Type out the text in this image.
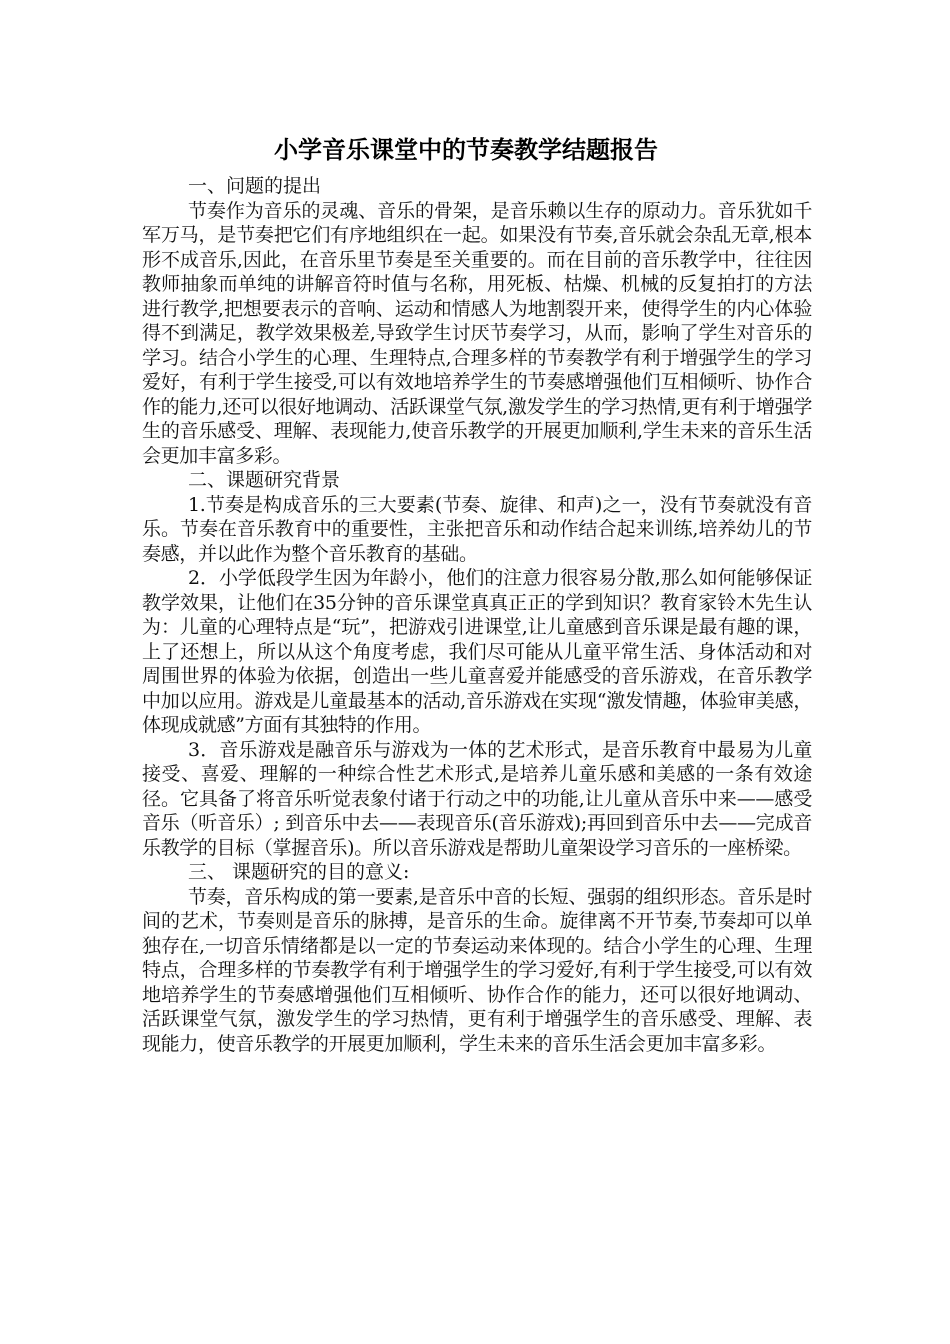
小学音乐课堂中的节奏教学结题报告

一、问题的提出

节奏作为音乐的灵魂、音乐的骨架，是音乐赖以生存的原动力。音乐犹如千军万马，是节奏把它们有序地组织在一起。如果没有节奏,音乐就会杂乱无章,根本形不成音乐,因此，在音乐里节奏是至关重要的。而在目前的音乐教学中，往往因教师抽象而单纯的讲解音符时值与名称，用死板、枯燥、机械的反复拍打的方法进行教学,把想要表示的音响、运动和情感人为地割裂开来，使得学生的内心体验得不到满足，教学效果极差,导致学生讨厌节奏学习，从而，影响了学生对音乐的学习。结合小学生的心理、生理特点,合理多样的节奏教学有利于增强学生的学习爱好，有利于学生接受,可以有效地培养学生的节奏感增强他们互相倾听、协作合作的能力,还可以很好地调动、活跃课堂气氛,激发学生的学习热情,更有利于增强学生的音乐感受、理解、表现能力,使音乐教学的开展更加顺利,学生未来的音乐生活会更加丰富多彩。

二、课题研究背景

1.节奏是构成音乐的三大要素(节奏、旋律、和声)之一，没有节奏就没有音乐。节奏在音乐教育中的重要性，主张把音乐和动作结合起来训练,培养幼儿的节奏感，并以此作为整个音乐教育的基础。

2．小学低段学生因为年龄小，他们的注意力很容易分散,那么如何能够保证教学效果，让他们在35分钟的音乐课堂真真正正的学到知识？教育家铃木先生认为：儿童的心理特点是“玩”，把游戏引进课堂,让儿童感到音乐课是最有趣的课，上了还想上，所以从这个角度考虑，我们尽可能从儿童平常生活、身体活动和对周围世界的体验为依据，创造出一些儿童喜爱并能感受的音乐游戏，在音乐教学中加以应用。游戏是儿童最基本的活动,音乐游戏在实现“激发情趣，体验审美感，体现成就感”方面有其独特的作用。

3．音乐游戏是融音乐与游戏为一体的艺术形式，是音乐教育中最易为儿童接受、喜爱、理解的一种综合性艺术形式,是培养儿童乐感和美感的一条有效途径。它具备了将音乐听觉表象付诸于行动之中的功能,让儿童从音乐中来——感受音乐（听音乐）; 到音乐中去——表现音乐(音乐游戏);再回到音乐中去——完成音乐教学的目标（掌握音乐)。所以音乐游戏是帮助儿童架设学习音乐的一座桥梁。

三、 课题研究的目的意义:

节奏，音乐构成的第一要素,是音乐中音的长短、强弱的组织形态。音乐是时间的艺术，节奏则是音乐的脉搏，是音乐的生命。旋律离不开节奏,节奏却可以单独存在,一切音乐情绪都是以一定的节奏运动来体现的。结合小学生的心理、生理特点，合理多样的节奏教学有利于增强学生的学习爱好,有利于学生接受,可以有效地培养学生的节奏感增强他们互相倾听、协作合作的能力，还可以很好地调动、活跃课堂气氛，激发学生的学习热情，更有利于增强学生的音乐感受、理解、表现能力，使音乐教学的开展更加顺利，学生未来的音乐生活会更加丰富多彩。
